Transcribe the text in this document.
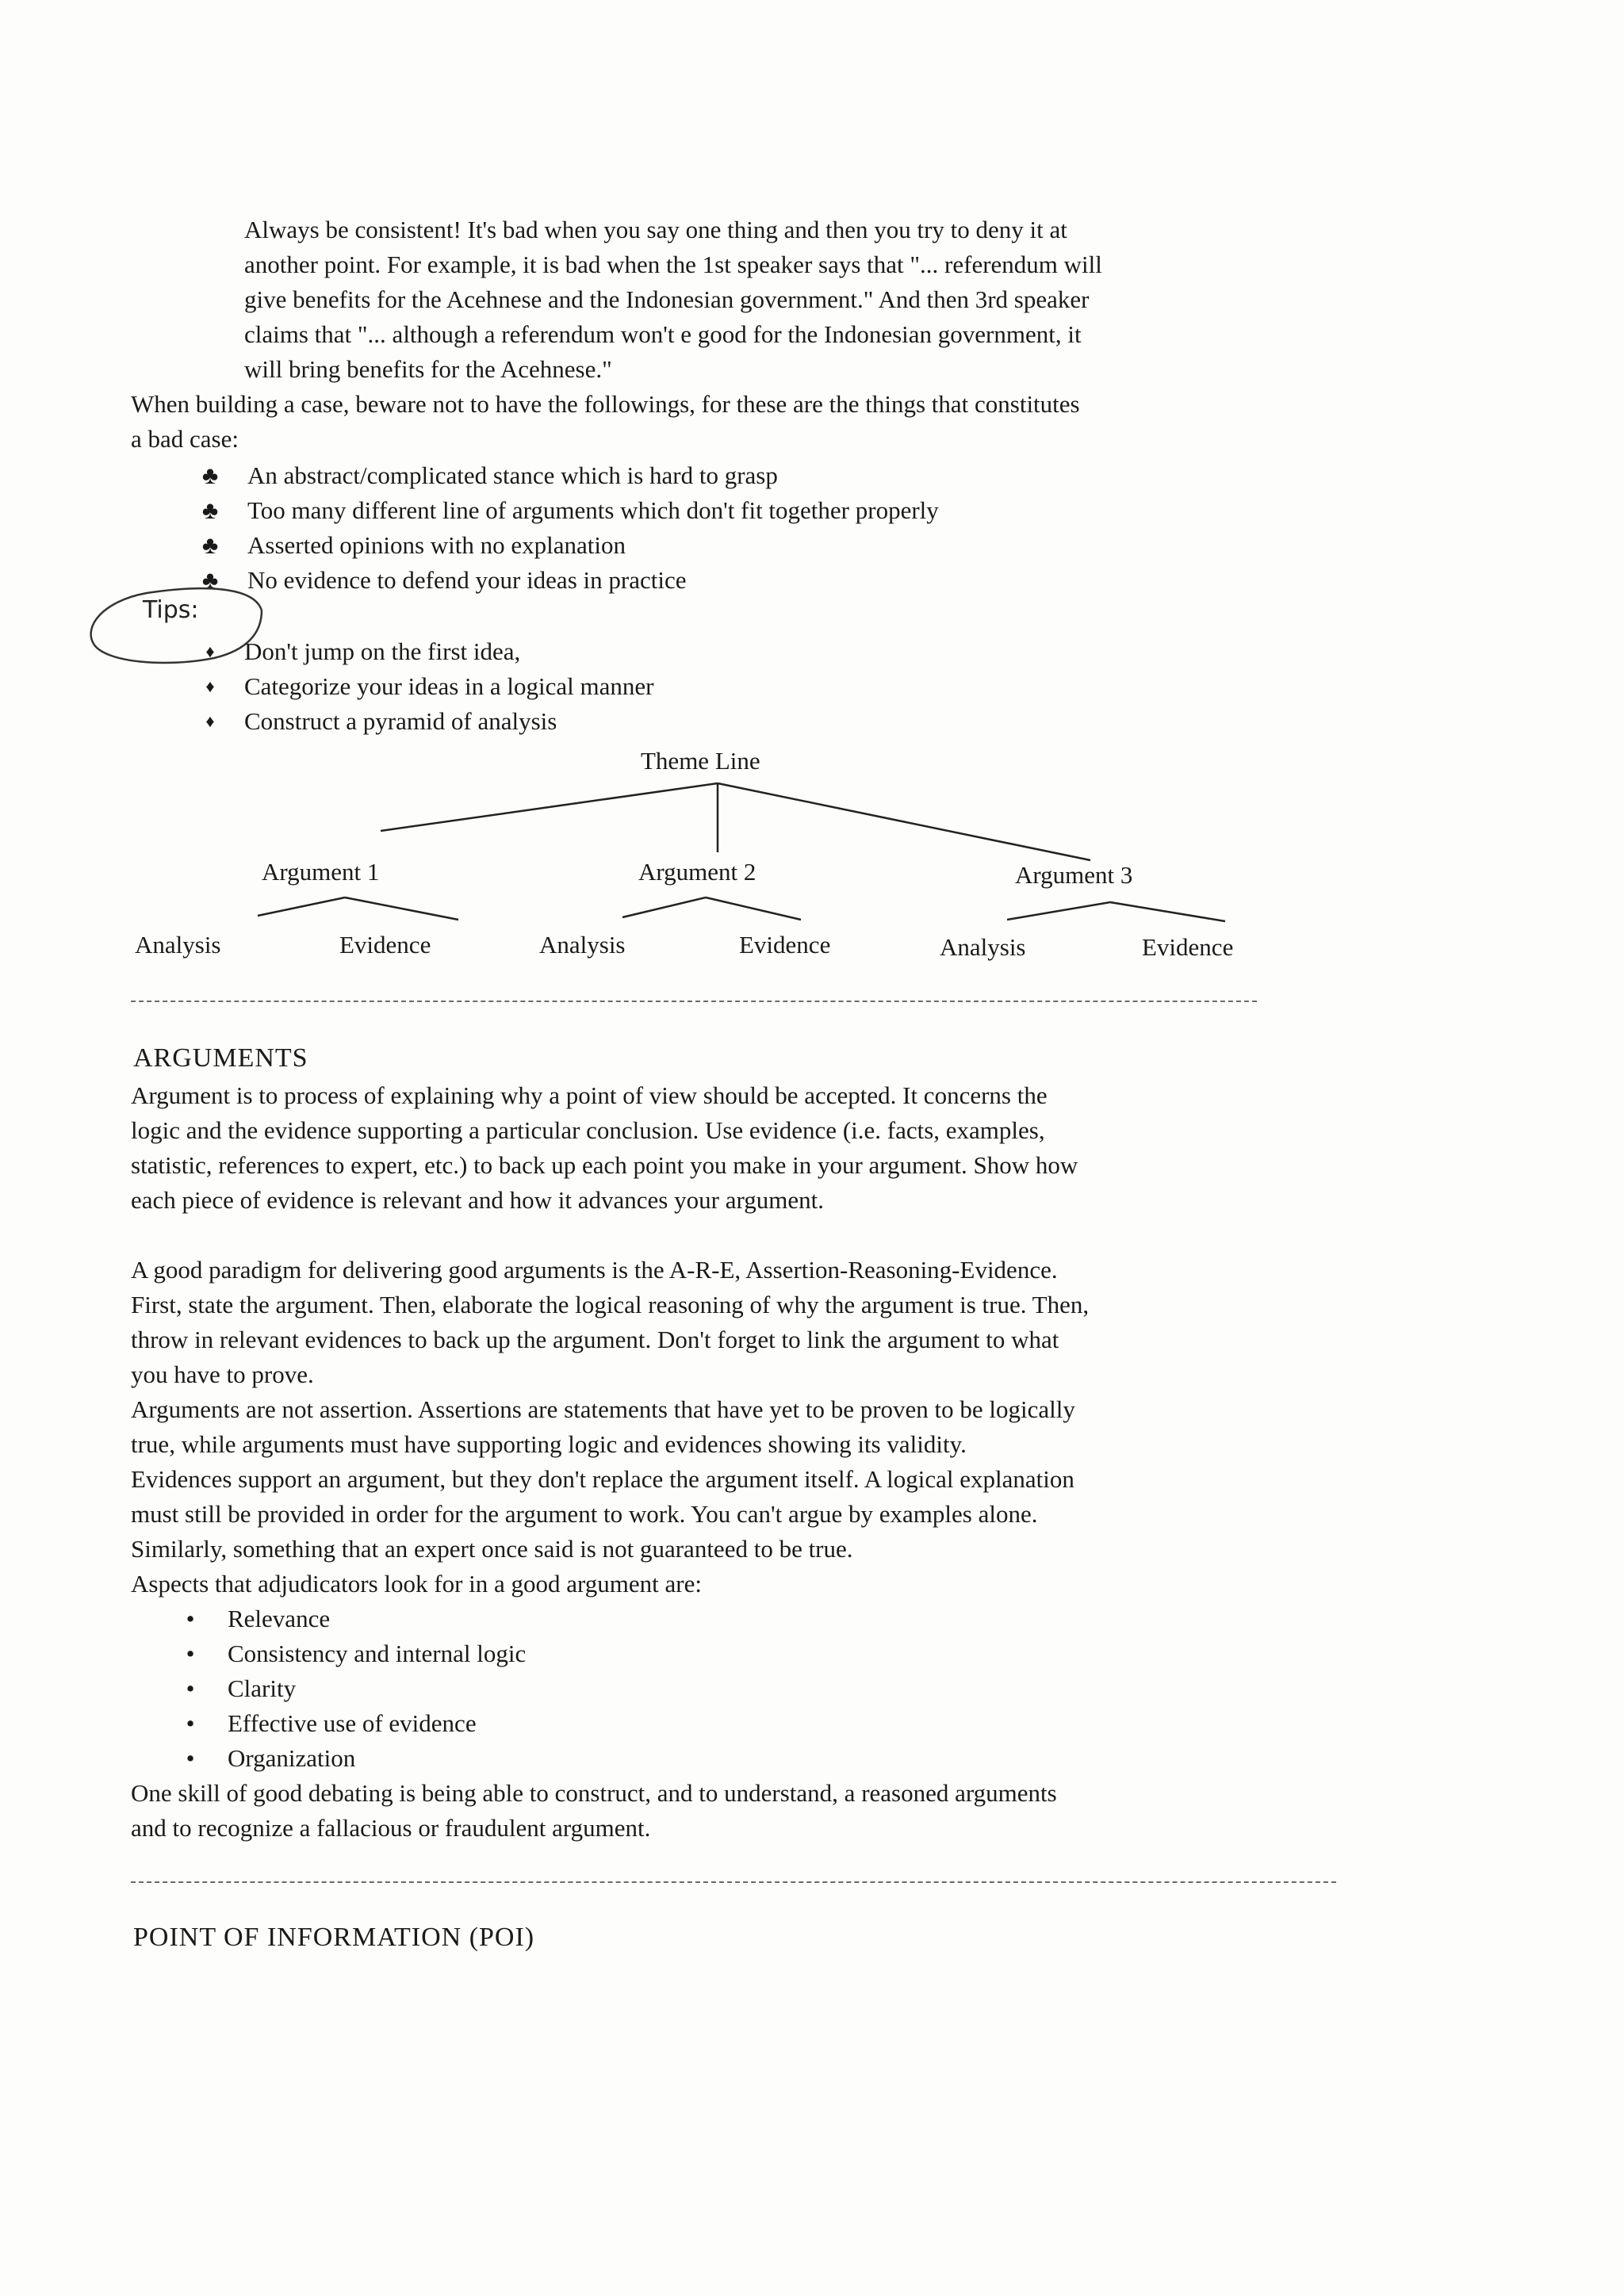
Always be consistent! It's bad when you say one thing and then you try to deny it at

another point. For example, it is bad when the 1st speaker says that "... referendum will

give benefits for the Acehnese and the Indonesian government." And then 3rd speaker

claims that "... although a referendum won't e good for the Indonesian government, it

will bring benefits for the Acehnese."

When building a case, beware not to have the followings, for these are the things that constitutes

a bad case:

♣ An abstract/complicated stance which is hard to grasp
♣ Too many different line of arguments which don't fit together properly
♣ Asserted opinions with no explanation
♣ No evidence to defend your ideas in practice
Tips:
♦	Don't jump on the first idea,
♦	Categorize your ideas in a logical manner
♦	Construct a pyramid of analysis
Theme Line
Argument 1	Argument 2	Argument 3
Analysis	Evidence	Analysis	Evidence	Analysis	Evidence
ARGUMENTS

Argument is to process of explaining why a point of view should be accepted. It concerns the

logic and the evidence supporting a particular conclusion. Use evidence (i.e. facts, examples,

statistic, references to expert, etc.) to back up each point you make in your argument. Show how

each piece of evidence is relevant and how it advances your argument.

A good paradigm for delivering good arguments is the A-R-E, Assertion-Reasoning-Evidence.

First, state the argument. Then, elaborate the logical reasoning of why the argument is true. Then,

throw in relevant evidences to back up the argument. Don't forget to link the argument to what

you have to prove.

Arguments are not assertion. Assertions are statements that have yet to be proven to be logically

true, while arguments must have supporting logic and evidences showing its validity.

Evidences support an argument, but they don't replace the argument itself. A logical explanation

must still be provided in order for the argument to work. You can't argue by examples alone.

Similarly, something that an expert once said is not guaranteed to be true.

Aspects that adjudicators look for in a good argument are:

•	Relevance
•	Consistency and internal logic
•	Clarity
•	Effective use of evidence
•	Organization

One skill of good debating is being able to construct, and to understand, a reasoned arguments

and to recognize a fallacious or fraudulent argument.

POINT OF INFORMATION (POI)
